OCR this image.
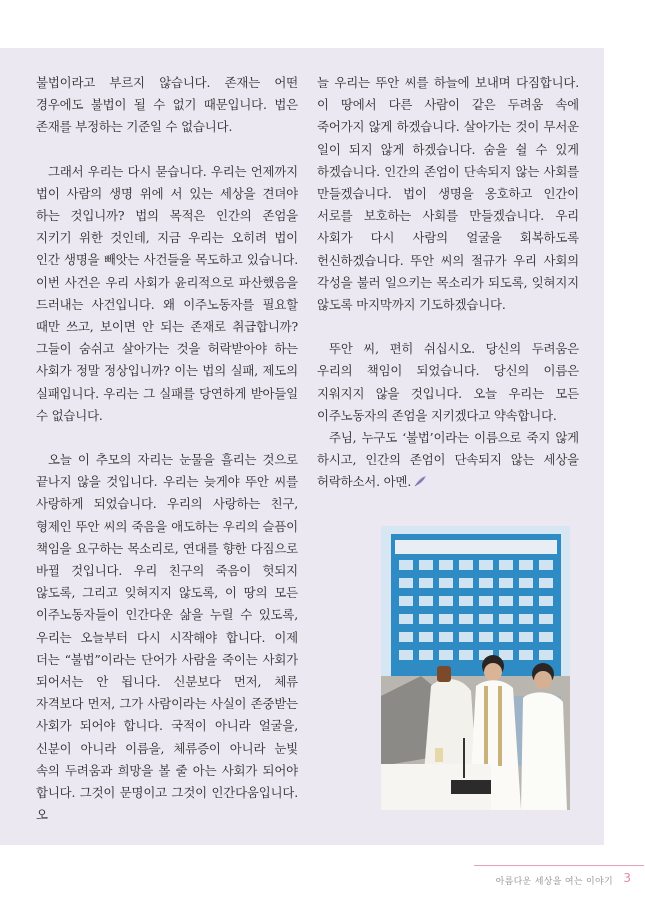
불법이라고 부르지 않습니다. 존재는 어떤 경우에도 불법이 될 수 없기 때문입니다. 법은 존재를 부정하는 기준일 수 없습니다.

그래서 우리는 다시 묻습니다. 우리는 언제까지 법이 사람의 생명 위에 서 있는 세상을 견뎌야 하는 것입니까? 법의 목적은 인간의 존엄을 지키기 위한 것인데, 지금 우리는 오히려 법이 인간 생명을 빼앗는 사건들을 목도하고 있습니다. 이번 사건은 우리 사회가 윤리적으로 파산했음을 드러내는 사건입니다. 왜 이주노동자를 필요할 때만 쓰고, 보이면 안 되는 존재로 취급합니까? 그들이 숨쉬고 살아가는 것을 허락받아야 하는 사회가 정말 정상입니까? 이는 법의 실패, 제도의 실패입니다. 우리는 그 실패를 당연하게 받아들일 수 없습니다.

오늘 이 추모의 자리는 눈물을 흘리는 것으로 끝나지 않을 것입니다. 우리는 늦게야 뚜안 씨를 사랑하게 되었습니다. 우리의 사랑하는 친구, 형제인 뚜안 씨의 죽음을 애도하는 우리의 슬픔이 책임을 요구하는 목소리로, 연대를 향한 다짐으로 바뀔 것입니다. 우리 친구의 죽음이 헛되지 않도록, 그리고 잊혀지지 않도록, 이 땅의 모든 이주노동자들이 인간다운 삶을 누릴 수 있도록, 우리는 오늘부터 다시 시작해야 합니다. 이제 더는 “불법”이라는 단어가 사람을 죽이는 사회가 되어서는 안 됩니다. 신분보다 먼저, 체류 자격보다 먼저, 그가 사람이라는 사실이 존중받는 사회가 되어야 합니다. 국적이 아니라 얼굴을, 신분이 아니라 이름을, 체류증이 아니라 눈빛 속의 두려움과 희망을 볼 줄 아는 사회가 되어야 합니다. 그것이 문명이고 그것이 인간다움입니다. 오

늘 우리는 뚜안 씨를 하늘에 보내며 다짐합니다. 이 땅에서 다른 사람이 같은 두려움 속에 죽어가지 않게 하겠습니다. 살아가는 것이 무서운 일이 되지 않게 하겠습니다. 숨을 쉴 수 있게 하겠습니다. 인간의 존엄이 단속되지 않는 사회를 만들겠습니다. 법이 생명을 옹호하고 인간이 서로를 보호하는 사회를 만들겠습니다. 우리 사회가 다시 사람의 얼굴을 회복하도록 헌신하겠습니다. 뚜안 씨의 절규가 우리 사회의 각성을 불러 일으키는 목소리가 되도록, 잊혀지지 않도록 마지막까지 기도하겠습니다.

뚜안 씨, 편히 쉬십시오. 당신의 두려움은 우리의 책임이 되었습니다. 당신의 이름은 지워지지 않을 것입니다. 오늘 우리는 모든 이주노동자의 존엄을 지키겠다고 약속합니다.

주님, 누구도 ‘불법’이라는 이름으로 죽지 않게 하시고, 인간의 존엄이 단속되지 않는 세상을 허락하소서. 아멘.

아름다운 세상을 여는 이야기 3
